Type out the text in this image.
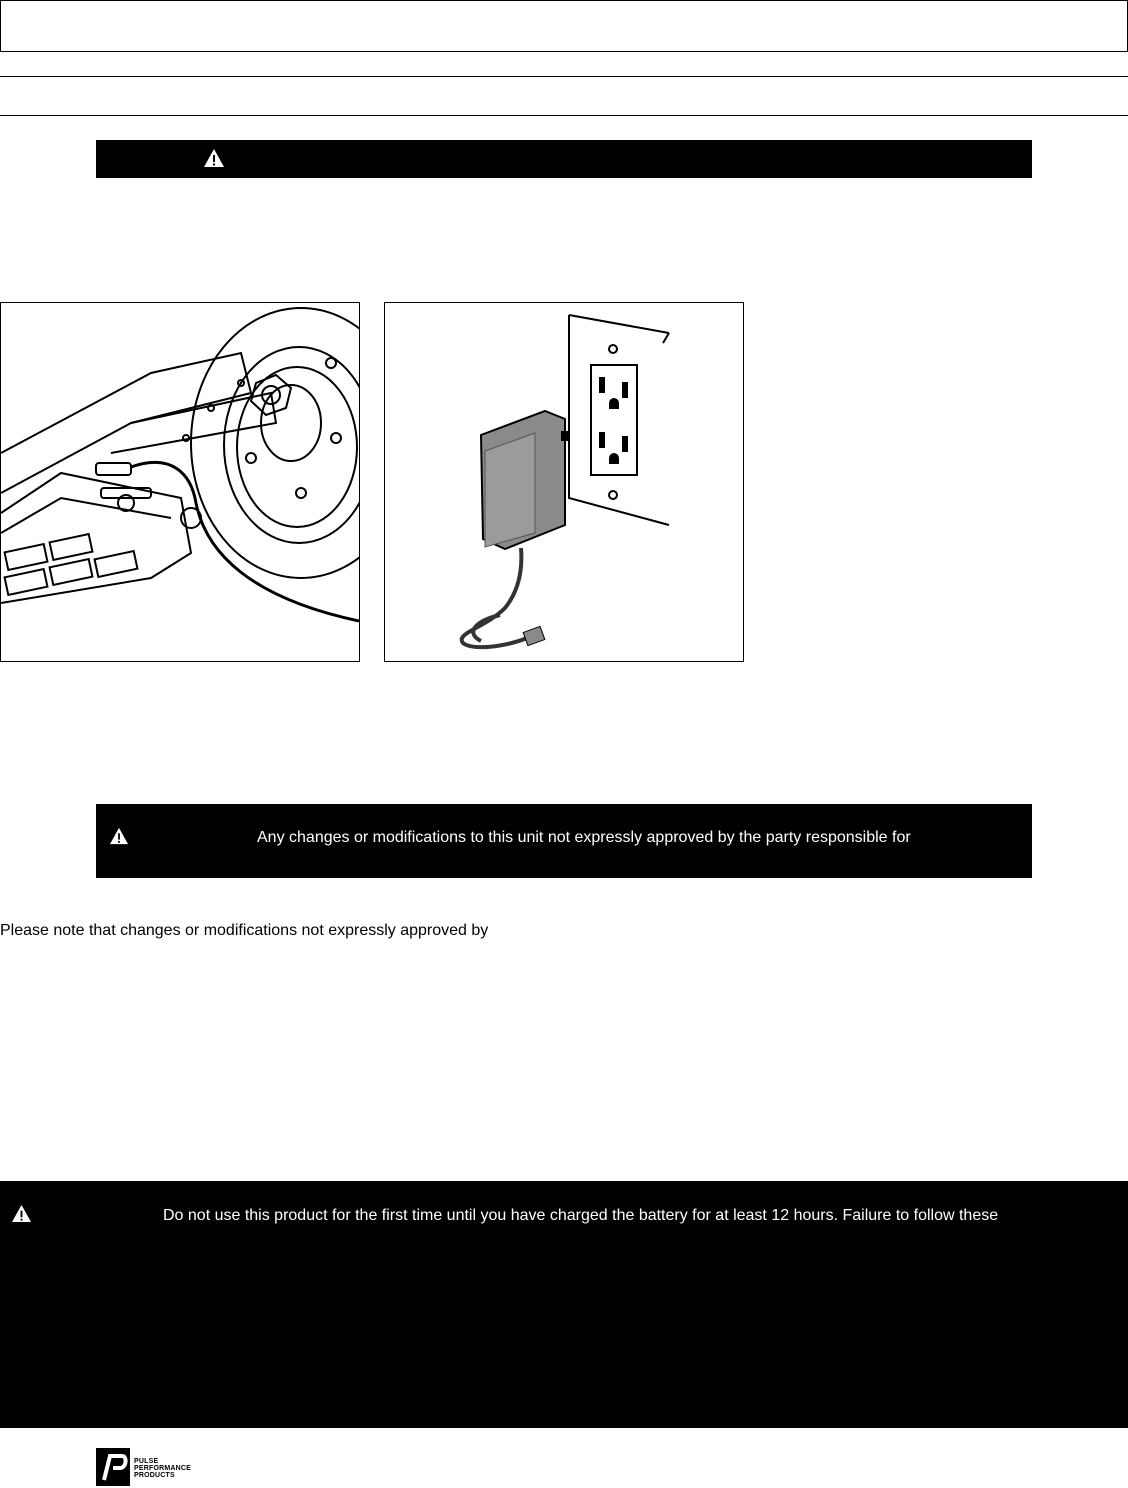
Any changes or modifications to this unit not expressly approved by the party responsible for
Please note that changes or modifications not expressly approved by
Do not use this product for the first time until you have charged the battery for at least 12 hours. Failure to follow these
PULSE
PERFORMANCE
PRODUCTS
